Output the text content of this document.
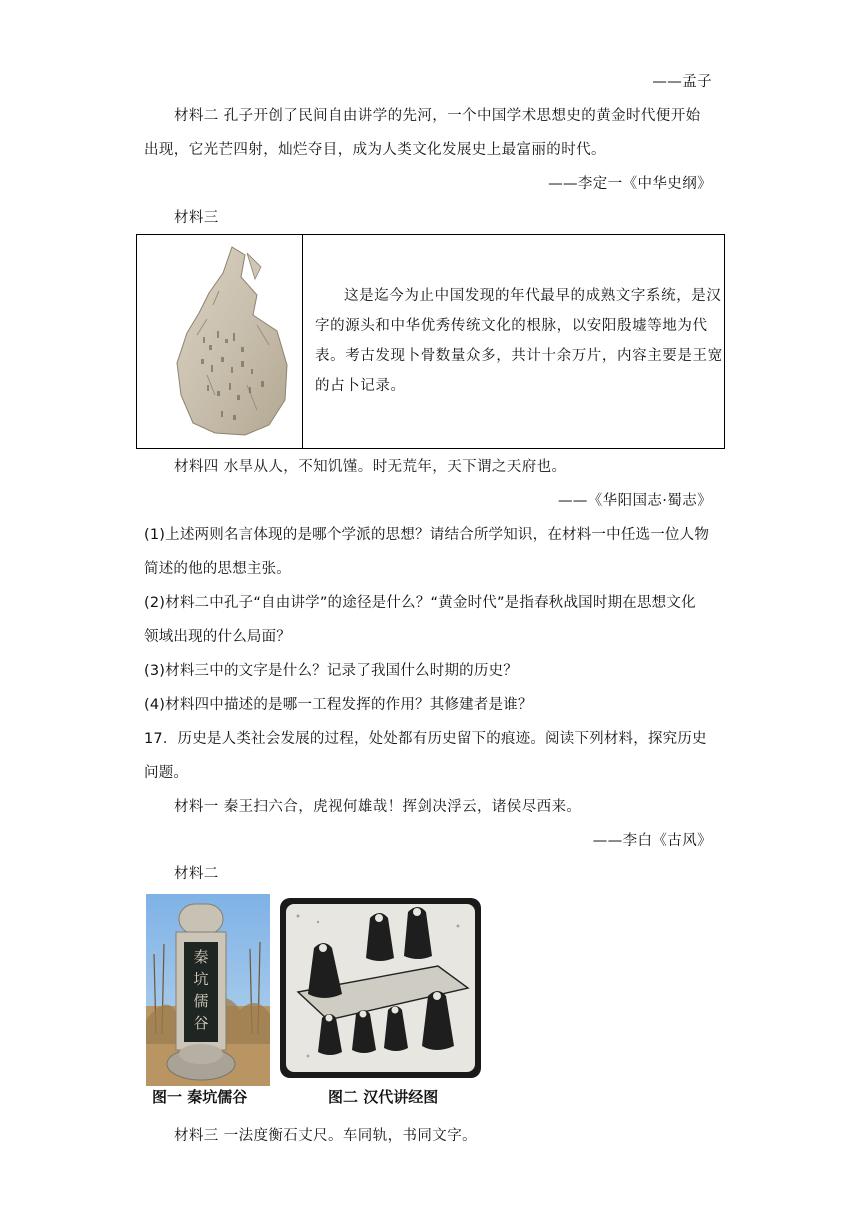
——孟子
材料二 孔子开创了民间自由讲学的先河，一个中国学术思想史的黄金时代便开始
出现，它光芒四射，灿烂夺目，成为人类文化发展史上最富丽的时代。
——李定一《中华史纲》
材料三

这是迄今为止中国发现的年代最早的成熟文字系统，是汉字的源头和中华优秀传统文化的根脉，以安阳殷墟等地为代表。考古发现卜骨数量众多，共计十余万片，内容主要是王宽的占卜记录。
材料四 水旱从人，不知饥馑。时无荒年，天下谓之天府也。
——《华阳国志·蜀志》
(1)上述两则名言体现的是哪个学派的思想？请结合所学知识，在材料一中任选一位人物
简述的他的思想主张。
(2)材料二中孔子“自由讲学”的途径是什么？“黄金时代”是指春秋战国时期在思想文化
领域出现的什么局面？
(3)材料三中的文字是什么？记录了我国什么时期的历史？
(4)材料四中描述的是哪一工程发挥的作用？其修建者是谁？
17．历史是人类社会发展的过程，处处都有历史留下的痕迹。阅读下列材料，探究历史
问题。
材料一 秦王扫六合，虎视何雄哉！挥剑决浮云，诸侯尽西来。
——李白《古风》
材料二
秦坑儒谷
图一 秦坑儒谷	图二 汉代讲经图
材料三 一法度衡石丈尺。车同轨，书同文字。
